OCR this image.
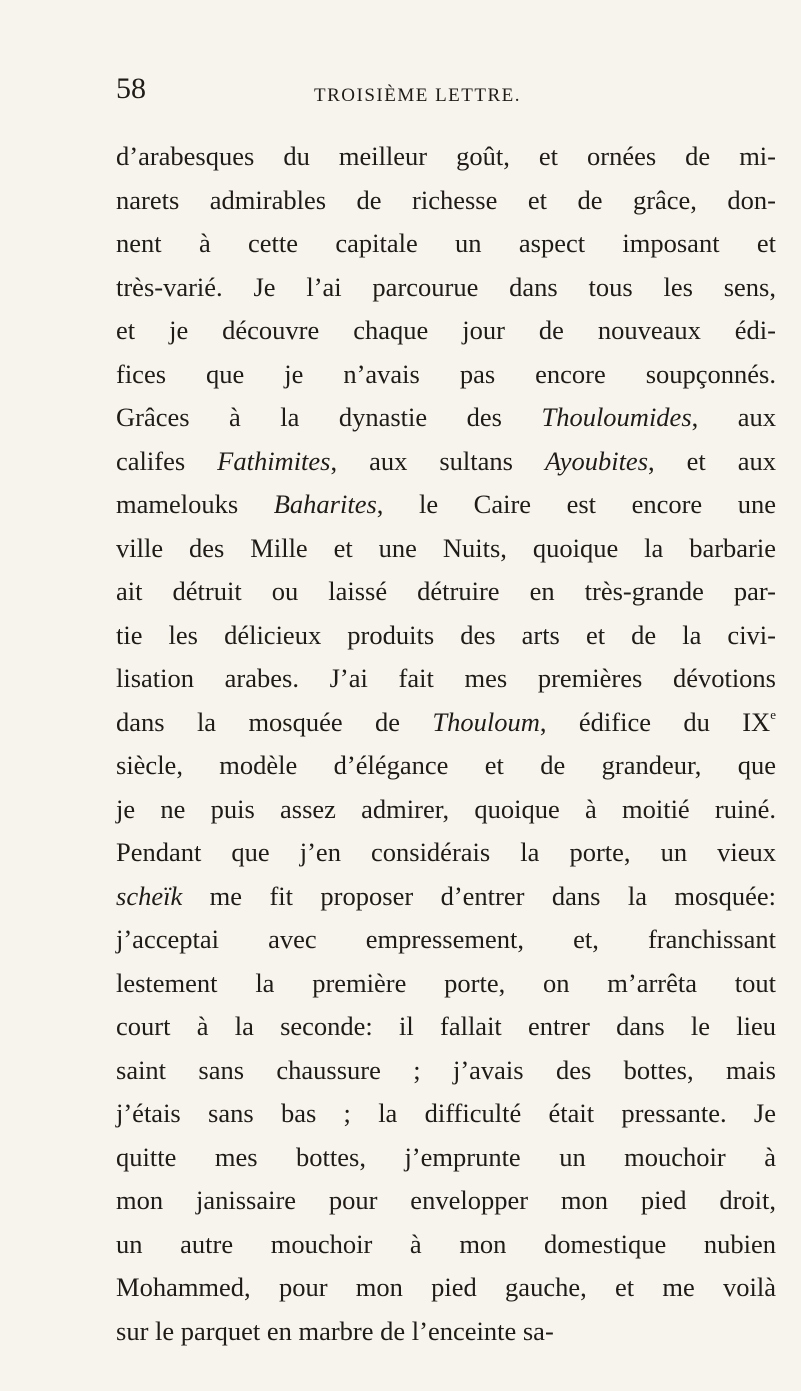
58	TROISIÈME LETTRE.
d’arabesques du meilleur goût, et ornées de mi-
narets admirables de richesse et de grâce, don-
nent à cette capitale un aspect imposant et
très-varié. Je l’ai parcourue dans tous les sens,
et je découvre chaque jour de nouveaux édi-
fices que je n’avais pas encore soupçonnés.
Grâces à la dynastie des Thouloumides, aux
califes Fathimites, aux sultans Ayoubites, et aux
mamelouks Baharites, le Caire est encore une
ville des Mille et une Nuits, quoique la barbarie
ait détruit ou laissé détruire en très-grande par-
tie les délicieux produits des arts et de la civi-
lisation arabes. J’ai fait mes premières dévotions
dans la mosquée de Thouloum, édifice du IXe
siècle, modèle d’élégance et de grandeur, que
je ne puis assez admirer, quoique à moitié ruiné.
Pendant que j’en considérais la porte, un vieux
scheïk me fit proposer d’entrer dans la mosquée:
j’acceptai avec empressement, et, franchissant
lestement la première porte, on m’arrêta tout
court à la seconde: il fallait entrer dans le lieu
saint sans chaussure ; j’avais des bottes, mais
j’étais sans bas ; la difficulté était pressante. Je
quitte mes bottes, j’emprunte un mouchoir à
mon janissaire pour envelopper mon pied droit,
un autre mouchoir à mon domestique nubien
Mohammed, pour mon pied gauche, et me voilà
sur le parquet en marbre de l’enceinte sa-
